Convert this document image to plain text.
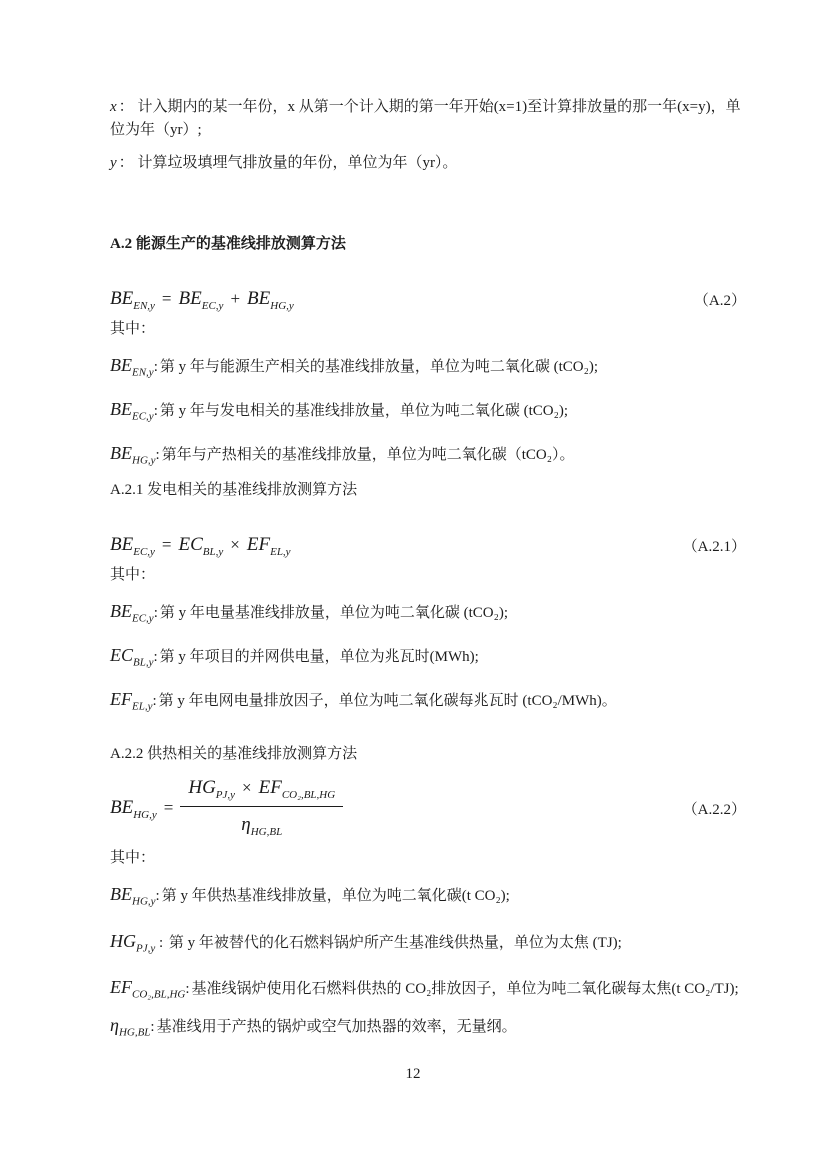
x ： 计入期内的某一年份，x 从第一个计入期的第一年开始(x=1)至计算排放量的那一年(x=y)，单位为年（yr）;

y ： 计算垃圾填埋气排放量的年份，单位为年（yr）。

A.2 能源生产的基准线排放测算方法
$BE_{EN,y} = BE_{EC,y} + BE_{HG,y}$	（A.2）

其中：

$BE_{EN,y}$: 第 y 年与能源生产相关的基准线排放量，单位为吨二氧化碳 (tCO₂);

$BE_{EC,y}$: 第 y 年与发电相关的基准线排放量，单位为吨二氧化碳 (tCO₂);

$BE_{HG,y}$: 第年与产热相关的基准线排放量，单位为吨二氧化碳（tCO₂）。

A.2.1 发电相关的基准线排放测算方法
$BE_{EC,y} = EC_{BL,y} \times EF_{EL,y}$	（A.2.1）

其中：

$BE_{EC,y}$: 第 y 年电量基准线排放量，单位为吨二氧化碳 (tCO₂);

$EC_{BL,y}$: 第 y 年项目的并网供电量，单位为兆瓦时(MWh);

$EF_{EL,y}$: 第 y 年电网电量排放因子，单位为吨二氧化碳每兆瓦时 (tCO₂/MWh)。

A.2.2 供热相关的基准线排放测算方法
$BE_{HG,y} = \frac{HG_{PJ,y} \times EF_{CO_2,BL,HG}}{\eta_{HG,BL}}$	（A.2.2）

其中：

$BE_{HG,y}$: 第 y 年供热基准线排放量，单位为吨二氧化碳(t CO₂);

$HG_{PJ,y}$ : 第 y 年被替代的化石燃料锅炉所产生基准线供热量，单位为太焦 (TJ);

$EF_{CO_2,BL,HG}$: 基准线锅炉使用化石燃料供热的 CO₂排放因子，单位为吨二氧化碳每太焦(t CO₂/TJ);

$\eta_{HG,BL}$: 基准线用于产热的锅炉或空气加热器的效率，无量纲。

12
